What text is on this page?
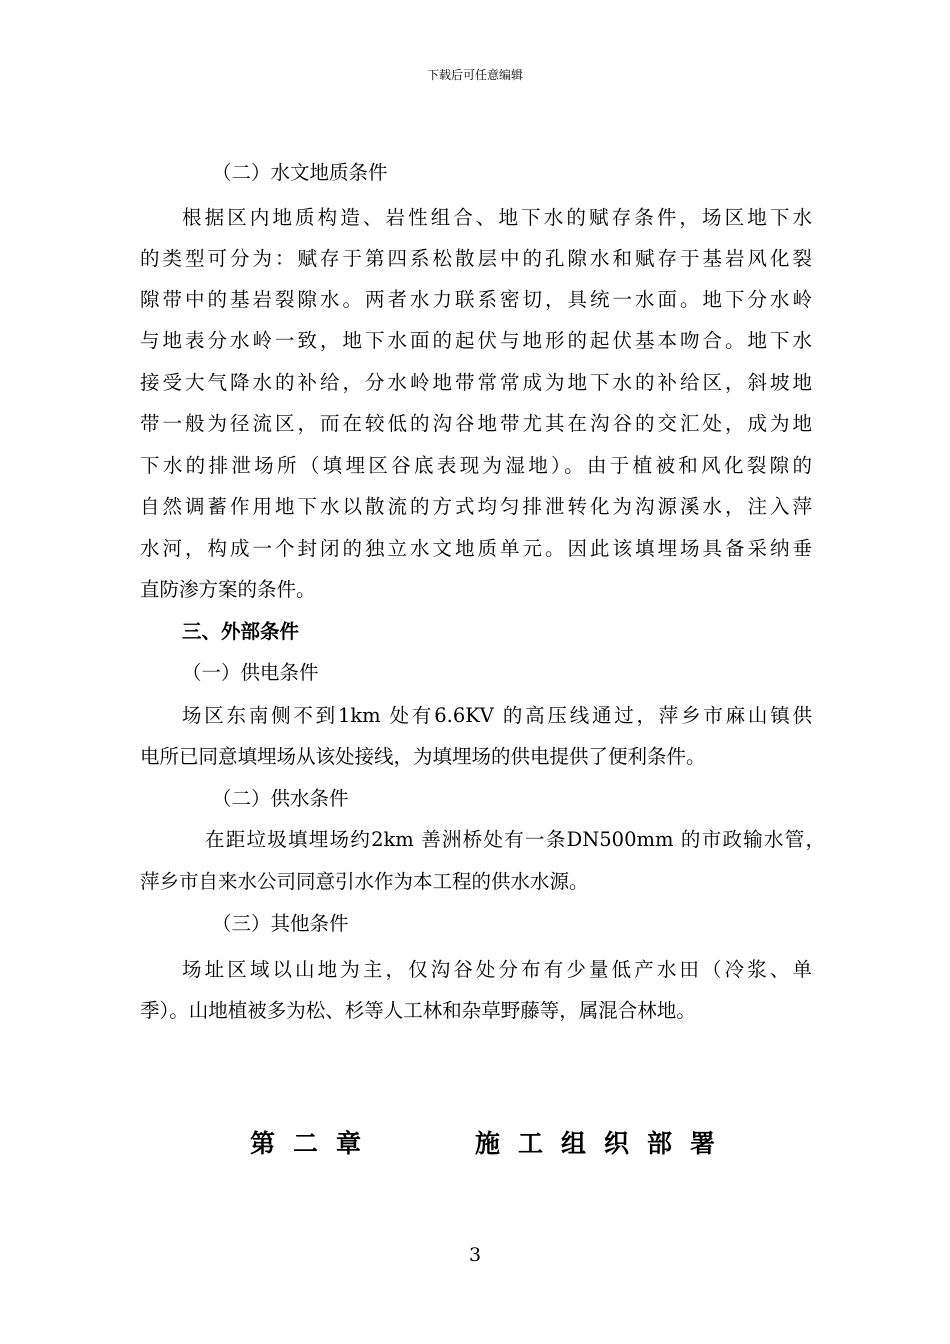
下载后可任意编辑
（二）水文地质条件
根据区内地质构造、岩性组合、地下水的赋存条件，场区地下水
的类型可分为：赋存于第四系松散层中的孔隙水和赋存于基岩风化裂
隙带中的基岩裂隙水。两者水力联系密切，具统一水面。地下分水岭
与地表分水岭一致，地下水面的起伏与地形的起伏基本吻合。地下水
接受大气降水的补给，分水岭地带常常成为地下水的补给区，斜坡地
带一般为径流区，而在较低的沟谷地带尤其在沟谷的交汇处，成为地
下水的排泄场所（填埋区谷底表现为湿地）。由于植被和风化裂隙的
自然调蓄作用地下水以散流的方式均匀排泄转化为沟源溪水，注入萍
水河，构成一个封闭的独立水文地质单元。因此该填埋场具备采纳垂
直防渗方案的条件。
三、外部条件
（一）供电条件
场区东南侧不到1km 处有6.6KV 的高压线通过，萍乡市麻山镇供
电所已同意填埋场从该处接线，为填埋场的供电提供了便利条件。
（二）供水条件
在距垃圾填埋场约2km 善洲桥处有一条DN500mm 的市政输水管，
萍乡市自来水公司同意引水作为本工程的供水水源。
（三）其他条件
场址区域以山地为主，仅沟谷处分布有少量低产水田（冷浆、单
季）。山地植被多为松、杉等人工林和杂草野藤等，属混合林地。
第二章	施工组织部署
3
